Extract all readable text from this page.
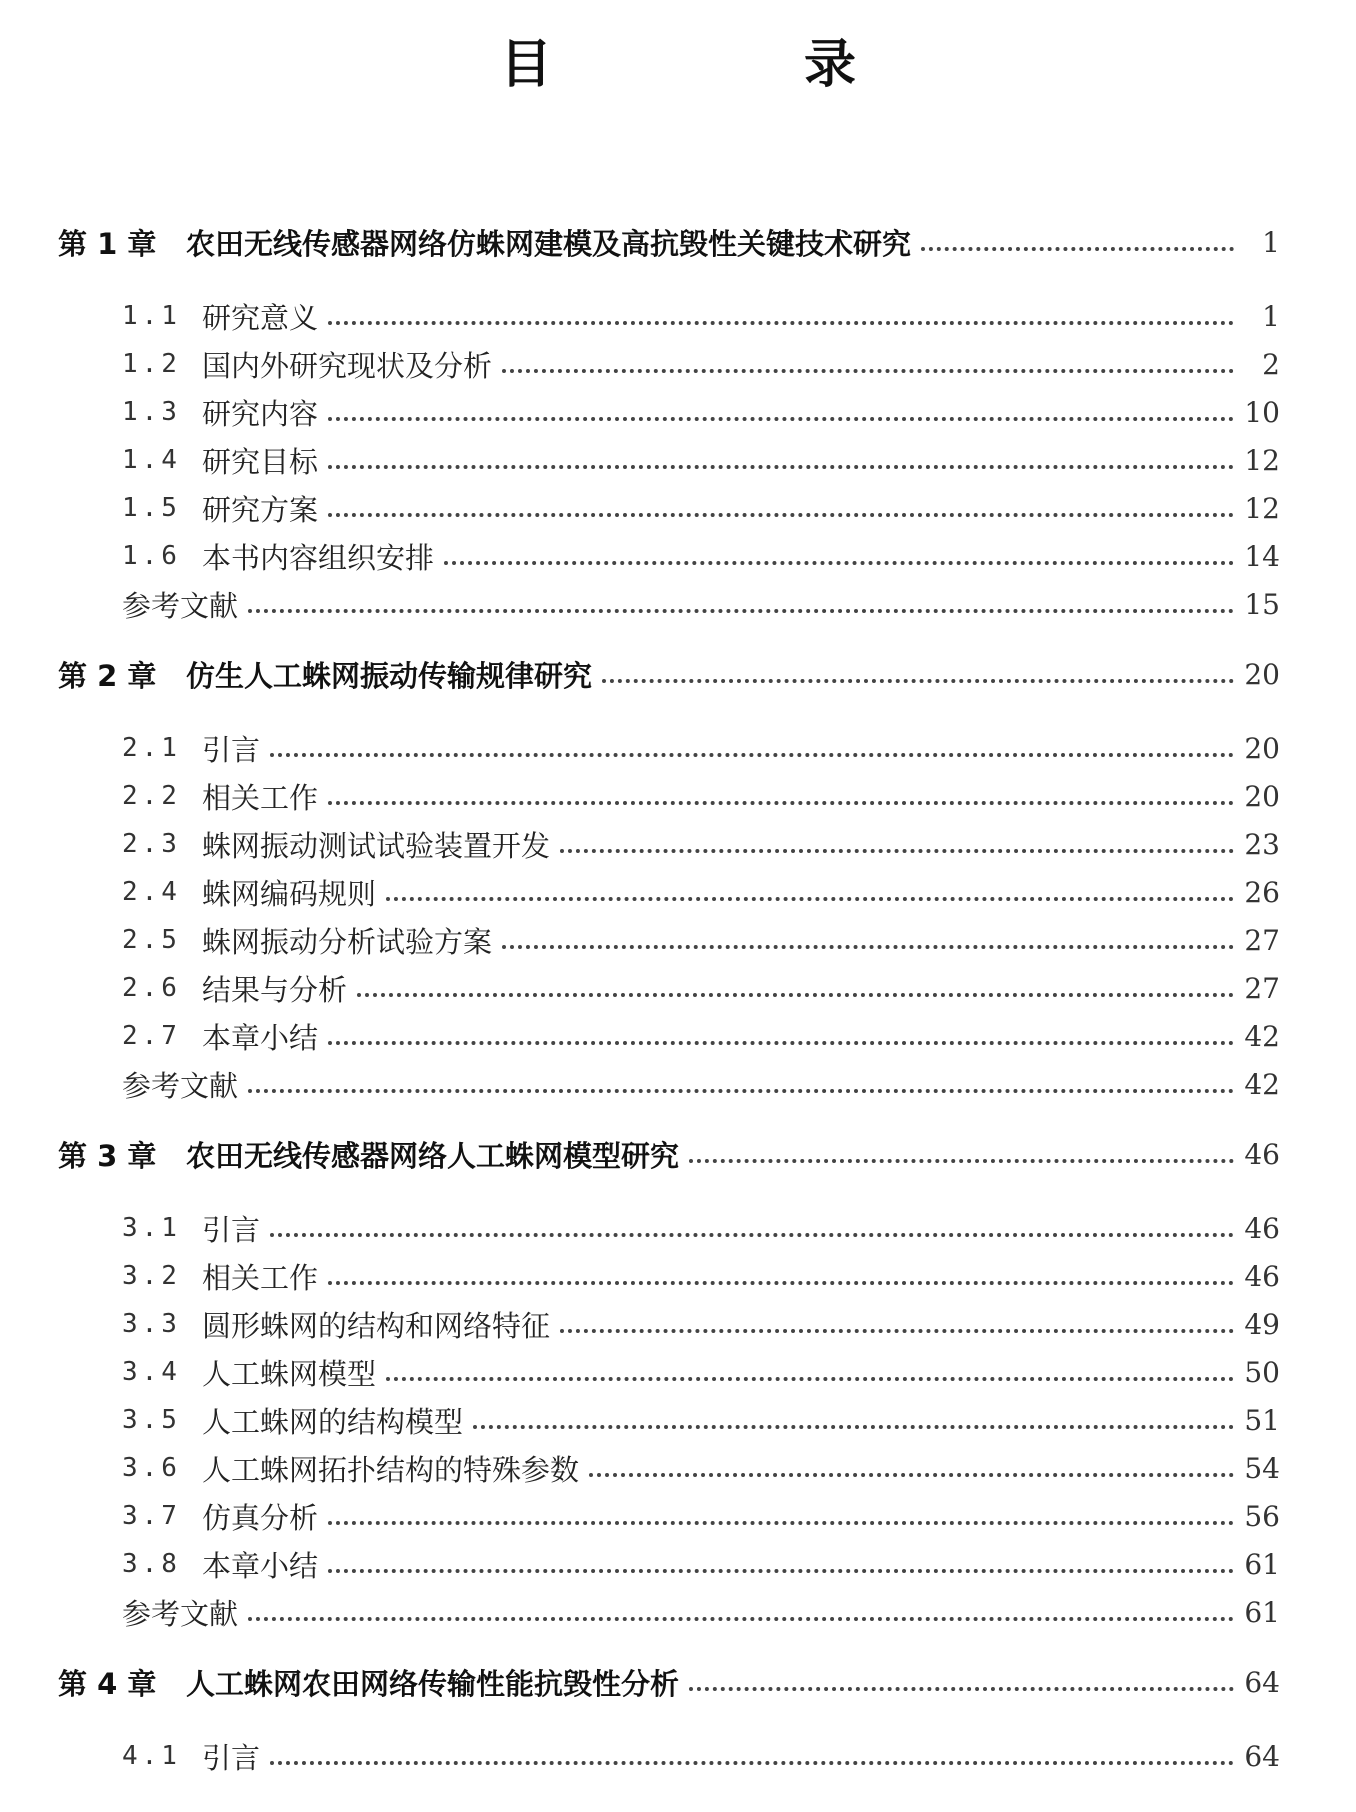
目　录
第 1 章	农田无线传感器网络仿蛛网建模及高抗毁性关键技术研究	1
1.1 研究意义	1
1.2 国内外研究现状及分析	2
1.3 研究内容	10
1.4 研究目标	12
1.5 研究方案	12
1.6 本书内容组织安排	14
参考文献	15
第 2 章	仿生人工蛛网振动传输规律研究	20
2.1 引言	20
2.2 相关工作	20
2.3 蛛网振动测试试验装置开发	23
2.4 蛛网编码规则	26
2.5 蛛网振动分析试验方案	27
2.6 结果与分析	27
2.7 本章小结	42
参考文献	42
第 3 章	农田无线传感器网络人工蛛网模型研究	46
3.1 引言	46
3.2 相关工作	46
3.3 圆形蛛网的结构和网络特征	49
3.4 人工蛛网模型	50
3.5 人工蛛网的结构模型	51
3.6 人工蛛网拓扑结构的特殊参数	54
3.7 仿真分析	56
3.8 本章小结	61
参考文献	61
第 4 章	人工蛛网农田网络传输性能抗毁性分析	64
4.1 引言	64
